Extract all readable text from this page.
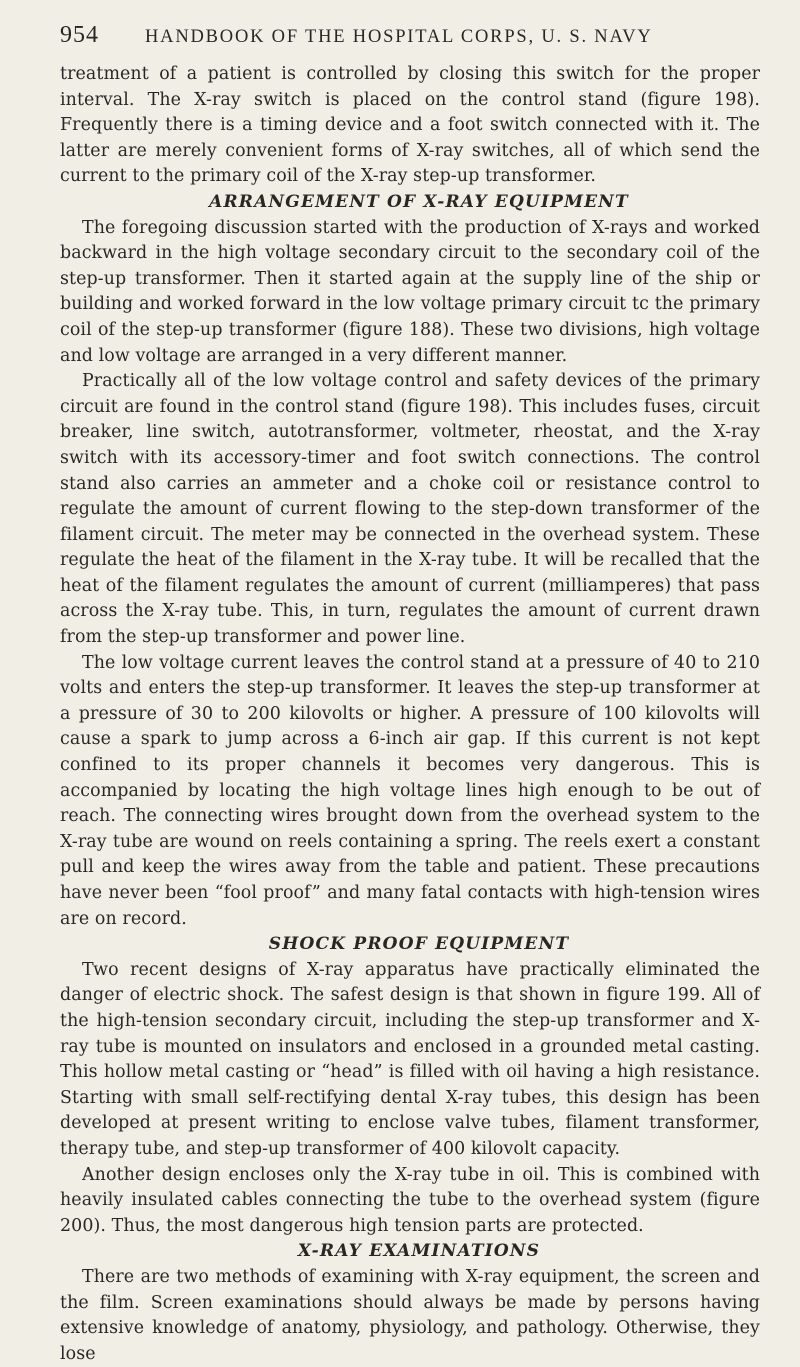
954 HANDBOOK OF THE HOSPITAL CORPS, U. S. NAVY

treatment of a patient is controlled by closing this switch for the proper interval. The X-ray switch is placed on the control stand (figure 198). Frequently there is a timing device and a foot switch connected with it. The latter are merely convenient forms of X-ray switches, all of which send the current to the primary coil of the X-ray step-up transformer.

ARRANGEMENT OF X-RAY EQUIPMENT

The foregoing discussion started with the production of X-rays and worked backward in the high voltage secondary circuit to the secondary coil of the step-up transformer. Then it started again at the supply line of the ship or building and worked forward in the low voltage primary circuit tc the primary coil of the step-up transformer (figure 188). These two divisions, high voltage and low voltage are arranged in a very different manner.

Practically all of the low voltage control and safety devices of the primary circuit are found in the control stand (figure 198). This includes fuses, circuit breaker, line switch, autotransformer, voltmeter, rheostat, and the X-ray switch with its accessory-timer and foot switch connections. The control stand also carries an ammeter and a choke coil or resistance control to regulate the amount of current flowing to the step-down transformer of the filament circuit. The meter may be connected in the overhead system. These regulate the heat of the filament in the X-ray tube. It will be recalled that the heat of the filament regulates the amount of current (milliamperes) that pass across the X-ray tube. This, in turn, regulates the amount of current drawn from the step-up transformer and power line.

The low voltage current leaves the control stand at a pressure of 40 to 210 volts and enters the step-up transformer. It leaves the step-up transformer at a pressure of 30 to 200 kilovolts or higher. A pressure of 100 kilovolts will cause a spark to jump across a 6-inch air gap. If this current is not kept confined to its proper channels it becomes very dangerous. This is accompanied by locating the high voltage lines high enough to be out of reach. The connecting wires brought down from the overhead system to the X-ray tube are wound on reels containing a spring. The reels exert a constant pull and keep the wires away from the table and patient. These precautions have never been “fool proof” and many fatal contacts with high-tension wires are on record.

SHOCK PROOF EQUIPMENT

Two recent designs of X-ray apparatus have practically eliminated the danger of electric shock. The safest design is that shown in figure 199. All of the high-tension secondary circuit, including the step-up transformer and X-ray tube is mounted on insulators and enclosed in a grounded metal casting. This hollow metal casting or “head” is filled with oil having a high resistance. Starting with small self-rectifying dental X-ray tubes, this design has been developed at present writing to enclose valve tubes, filament transformer, therapy tube, and step-up transformer of 400 kilovolt capacity.

Another design encloses only the X-ray tube in oil. This is combined with heavily insulated cables connecting the tube to the overhead system (figure 200). Thus, the most dangerous high tension parts are protected.

X-RAY EXAMINATIONS

There are two methods of examining with X-ray equipment, the screen and the film. Screen examinations should always be made by persons having extensive knowledge of anatomy, physiology, and pathology. Otherwise, they lose
